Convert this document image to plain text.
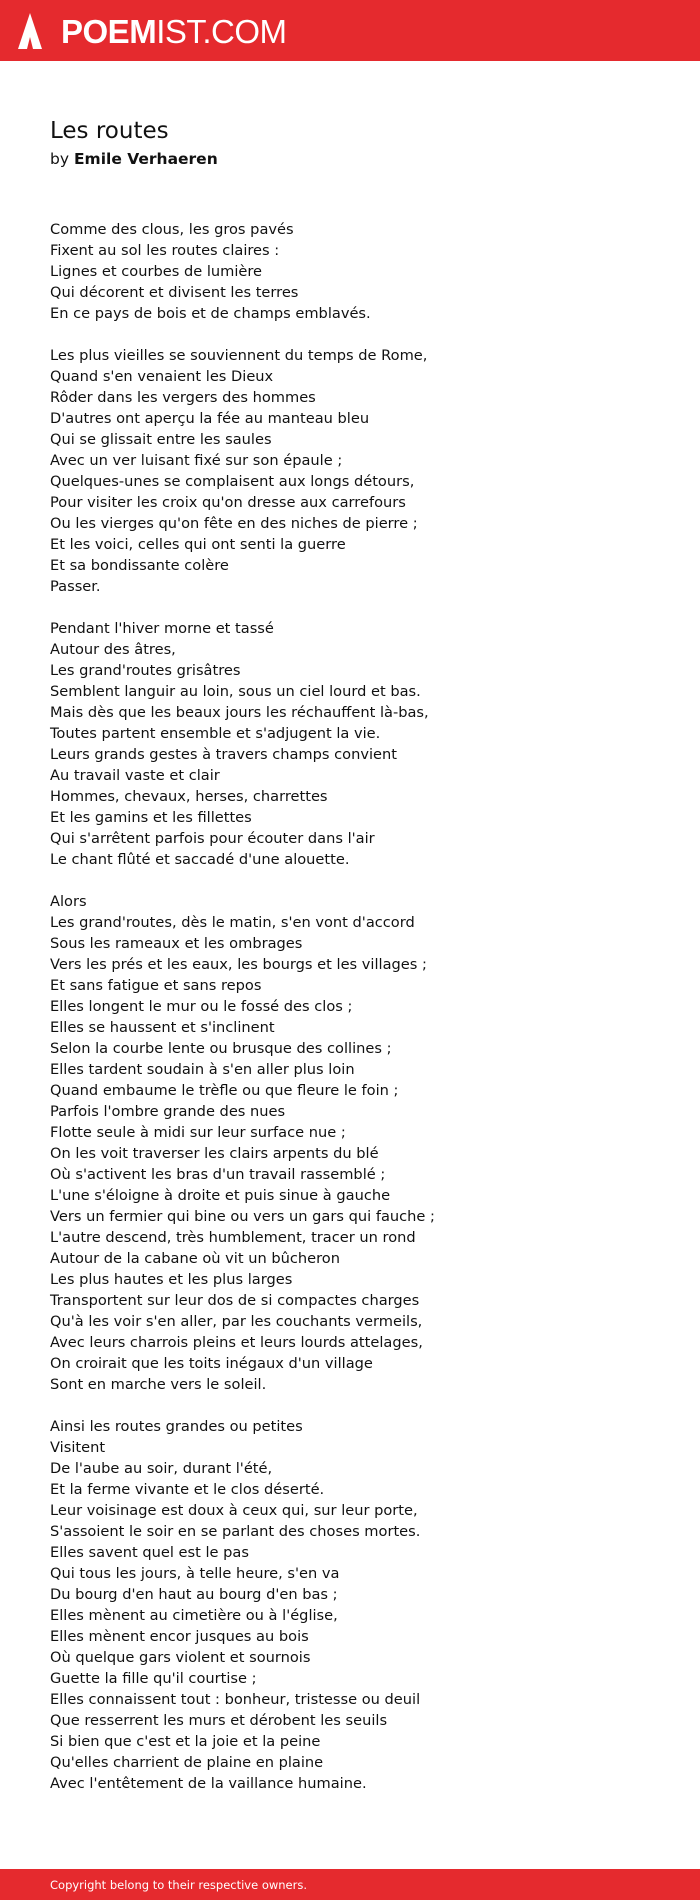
POEMIST.COM
Les routes
by Emile Verhaeren
Comme des clous, les gros pavés
Fixent au sol les routes claires :
Lignes et courbes de lumière
Qui décorent et divisent les terres
En ce pays de bois et de champs emblavés.
Les plus vieilles se souviennent du temps de Rome,
Quand s'en venaient les Dieux
Rôder dans les vergers des hommes
D'autres ont aperçu la fée au manteau bleu
Qui se glissait entre les saules
Avec un ver luisant fixé sur son épaule ;
Quelques-unes se complaisent aux longs détours,
Pour visiter les croix qu'on dresse aux carrefours
Ou les vierges qu'on fête en des niches de pierre ;
Et les voici, celles qui ont senti la guerre
Et sa bondissante colère
Passer.
Pendant l'hiver morne et tassé
Autour des âtres,
Les grand'routes grisâtres
Semblent languir au loin, sous un ciel lourd et bas.
Mais dès que les beaux jours les réchauffent là-bas,
Toutes partent ensemble et s'adjugent la vie.
Leurs grands gestes à travers champs convient
Au travail vaste et clair
Hommes, chevaux, herses, charrettes
Et les gamins et les fillettes
Qui s'arrêtent parfois pour écouter dans l'air
Le chant flûté et saccadé d'une alouette.
Alors
Les grand'routes, dès le matin, s'en vont d'accord
Sous les rameaux et les ombrages
Vers les prés et les eaux, les bourgs et les villages ;
Et sans fatigue et sans repos
Elles longent le mur ou le fossé des clos ;
Elles se haussent et s'inclinent
Selon la courbe lente ou brusque des collines ;
Elles tardent soudain à s'en aller plus loin
Quand embaume le trèfle ou que fleure le foin ;
Parfois l'ombre grande des nues
Flotte seule à midi sur leur surface nue ;
On les voit traverser les clairs arpents du blé
Où s'activent les bras d'un travail rassemblé ;
L'une s'éloigne à droite et puis sinue à gauche
Vers un fermier qui bine ou vers un gars qui fauche ;
L'autre descend, très humblement, tracer un rond
Autour de la cabane où vit un bûcheron
Les plus hautes et les plus larges
Transportent sur leur dos de si compactes charges
Qu'à les voir s'en aller, par les couchants vermeils,
Avec leurs charrois pleins et leurs lourds attelages,
On croirait que les toits inégaux d'un village
Sont en marche vers le soleil.
Ainsi les routes grandes ou petites
Visitent
De l'aube au soir, durant l'été,
Et la ferme vivante et le clos déserté.
Leur voisinage est doux à ceux qui, sur leur porte,
S'assoient le soir en se parlant des choses mortes.
Elles savent quel est le pas
Qui tous les jours, à telle heure, s'en va
Du bourg d'en haut au bourg d'en bas ;
Elles mènent au cimetière ou à l'église,
Elles mènent encor jusques au bois
Où quelque gars violent et sournois
Guette la fille qu'il courtise ;
Elles connaissent tout : bonheur, tristesse ou deuil
Que resserrent les murs et dérobent les seuils
Si bien que c'est et la joie et la peine
Qu'elles charrient de plaine en plaine
Avec l'entêtement de la vaillance humaine.
Copyright belong to their respective owners.
